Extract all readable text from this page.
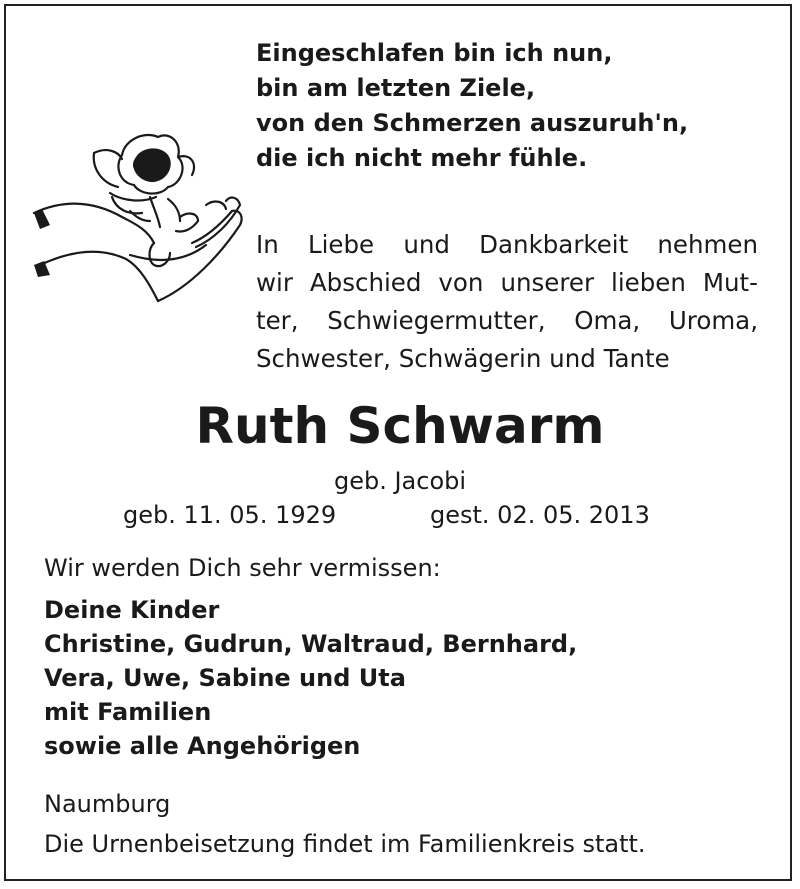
Eingeschlafen bin ich nun,
bin am letzten Ziele,
von den Schmerzen auszuruh'n,
die ich nicht mehr fühle.
In Liebe und Dankbarkeit nehmen
wir Abschied von unserer lieben Mut-
ter, Schwiegermutter, Oma, Uroma,
Schwester, Schwägerin und Tante
Ruth Schwarm
geb. Jacobi
geb. 11. 05. 1929	gest. 02. 05. 2013
Wir werden Dich sehr vermissen:
Deine Kinder
Christine, Gudrun, Waltraud, Bernhard,
Vera, Uwe, Sabine und Uta
mit Familien
sowie alle Angehörigen
Naumburg
Die Urnenbeisetzung findet im Familienkreis statt.
